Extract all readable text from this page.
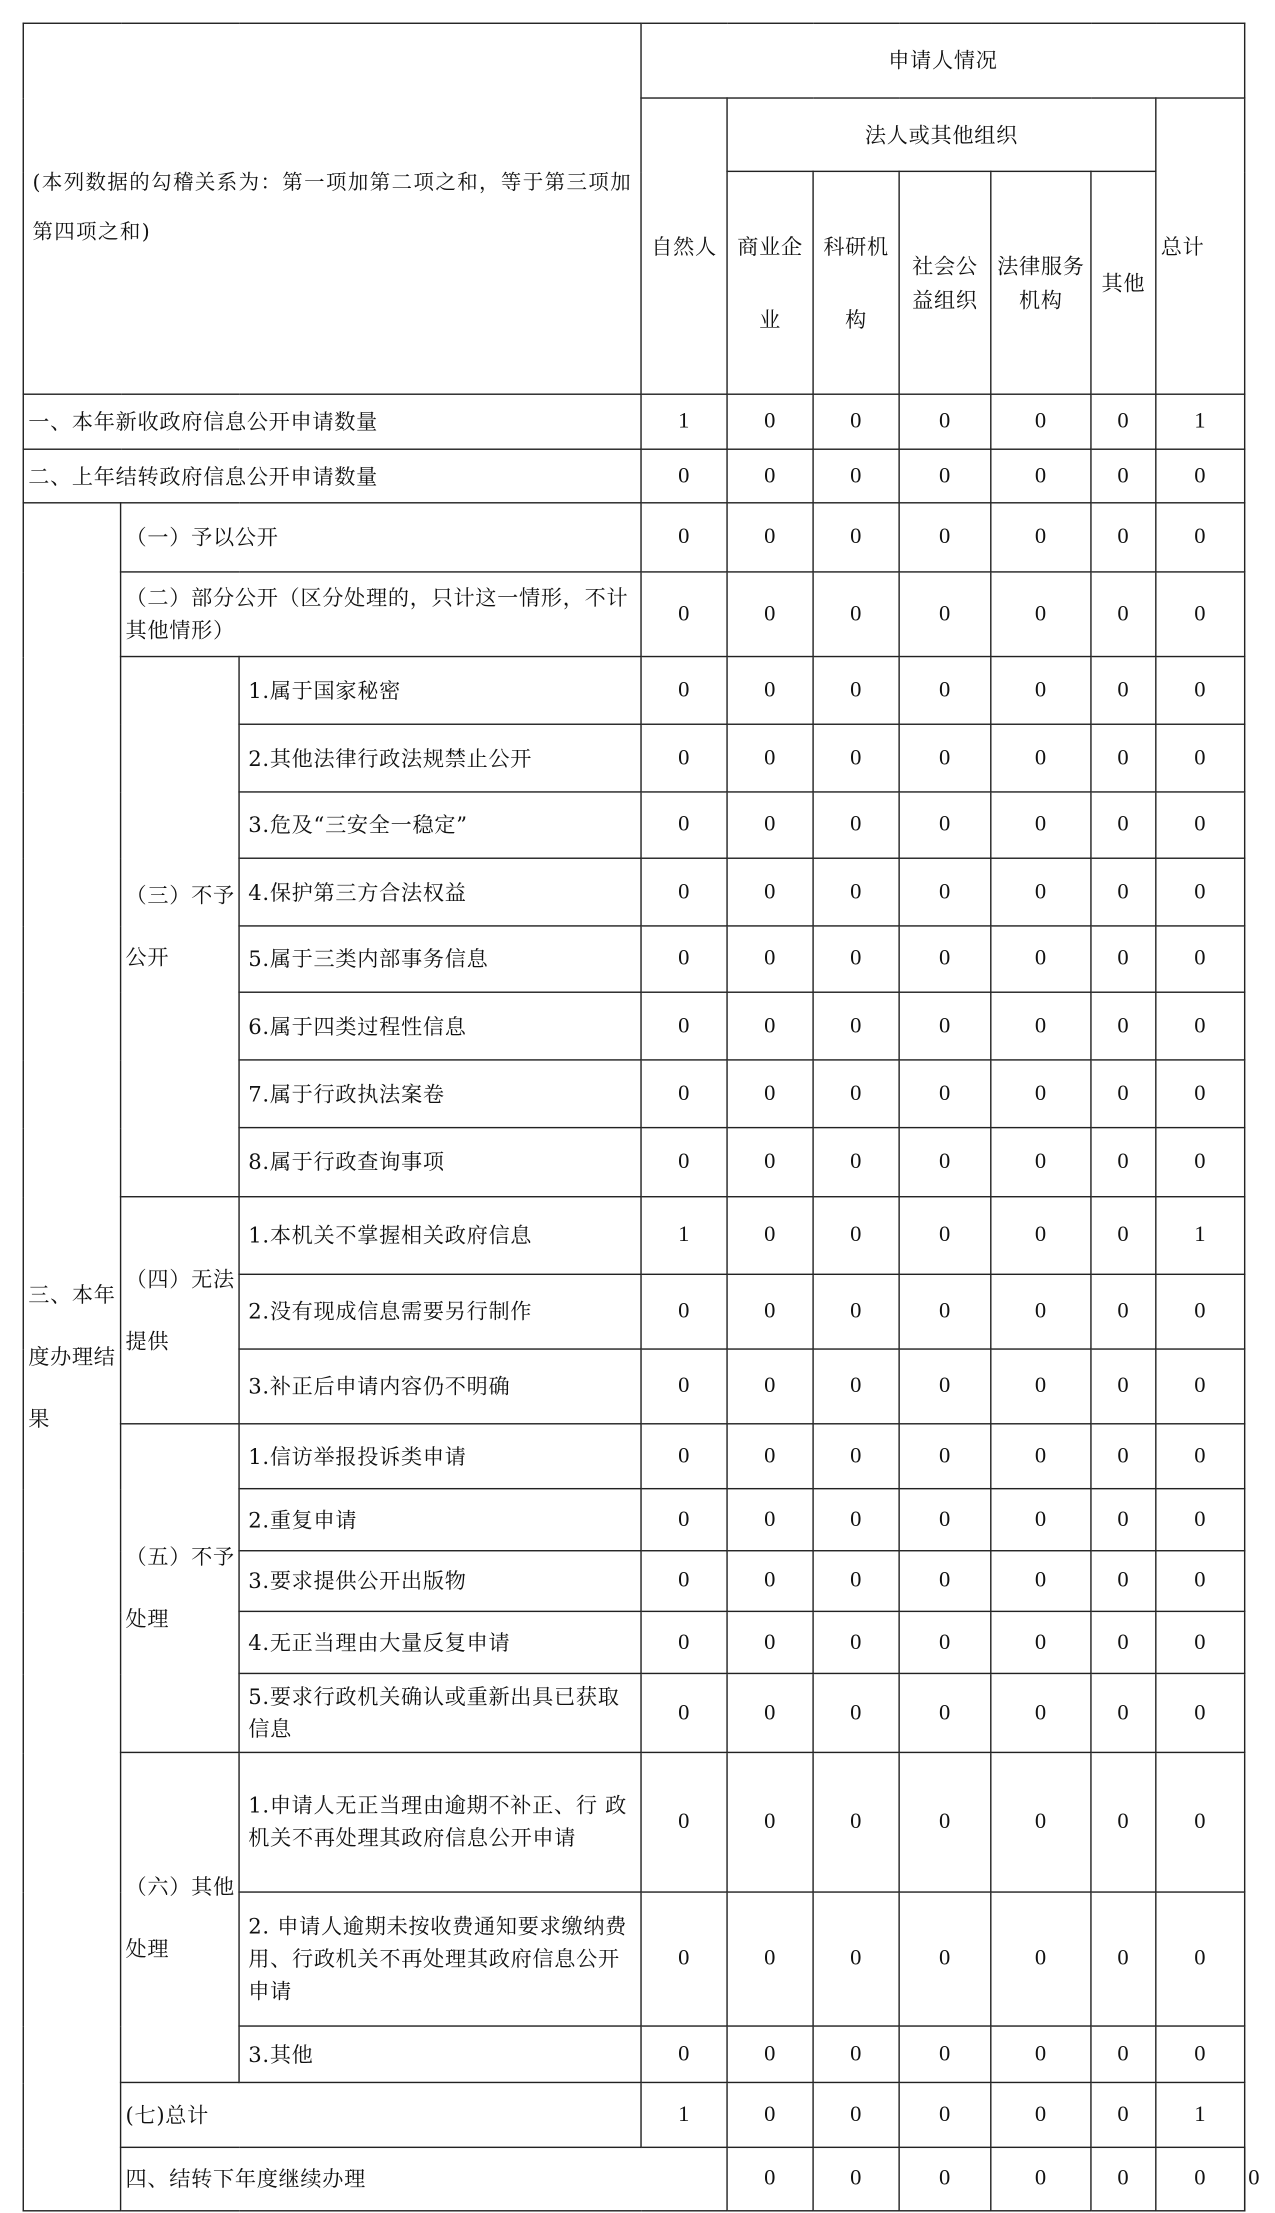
(本列数据的勾稽关系为：第一项加第二项之和，等于第三项加第四项之和)			申请人情况							
			自然人	法人或其他组织					总计	
				商业企业	科研机构	社会公益组织	法律服务机构	其他		
一、本年新收政府信息公开申请数量			1	0	0	0	0	0	1	
二、上年结转政府信息公开申请数量			0	0	0	0	0	0	0	
三、本年度办理结果	（一）予以公开		0	0	0	0	0	0	0	
	（二）部分公开（区分处理的，只计这一情形，不计其他情形）		0	0	0	0	0	0	0	
	（三）不予公开	1.属于国家秘密	0	0	0	0	0	0	0	
		2.其他法律行政法规禁止公开	0	0	0	0	0	0	0	
		3.危及“三安全一稳定”	0	0	0	0	0	0	0	
		4.保护第三方合法权益	0	0	0	0	0	0	0	
		5.属于三类内部事务信息	0	0	0	0	0	0	0	
		6.属于四类过程性信息	0	0	0	0	0	0	0	
		7.属于行政执法案卷	0	0	0	0	0	0	0	
		8.属于行政查询事项	0	0	0	0	0	0	0	
	（四）无法提供	1.本机关不掌握相关政府信息	1	0	0	0	0	0	1	
		2.没有现成信息需要另行制作	0	0	0	0	0	0	0	
		3.补正后申请内容仍不明确	0	0	0	0	0	0	0	
	（五）不予处理	1.信访举报投诉类申请	0	0	0	0	0	0	0	
		2.重复申请	0	0	0	0	0	0	0	
		3.要求提供公开出版物	0	0	0	0	0	0	0	
		4.无正当理由大量反复申请	0	0	0	0	0	0	0	
		5.要求行政机关确认或重新出具已获取信息	0	0	0	0	0	0	0	
	（六）其他处理	1.申请人无正当理由逾期不补正、行 政机关不再处理其政府信息公开申请	0	0	0	0	0	0	0	
		2. 申请人逾期未按收费通知要求缴纳费用、行政机关不再处理其政府信息公开申请	0	0	0	0	0	0	0	
		3.其他	0	0	0	0	0	0	0	
	(七)总计		1	0	0	0	0	0	1	
	四、结转下年度继续办理			0	0	0	0	0	0	0
